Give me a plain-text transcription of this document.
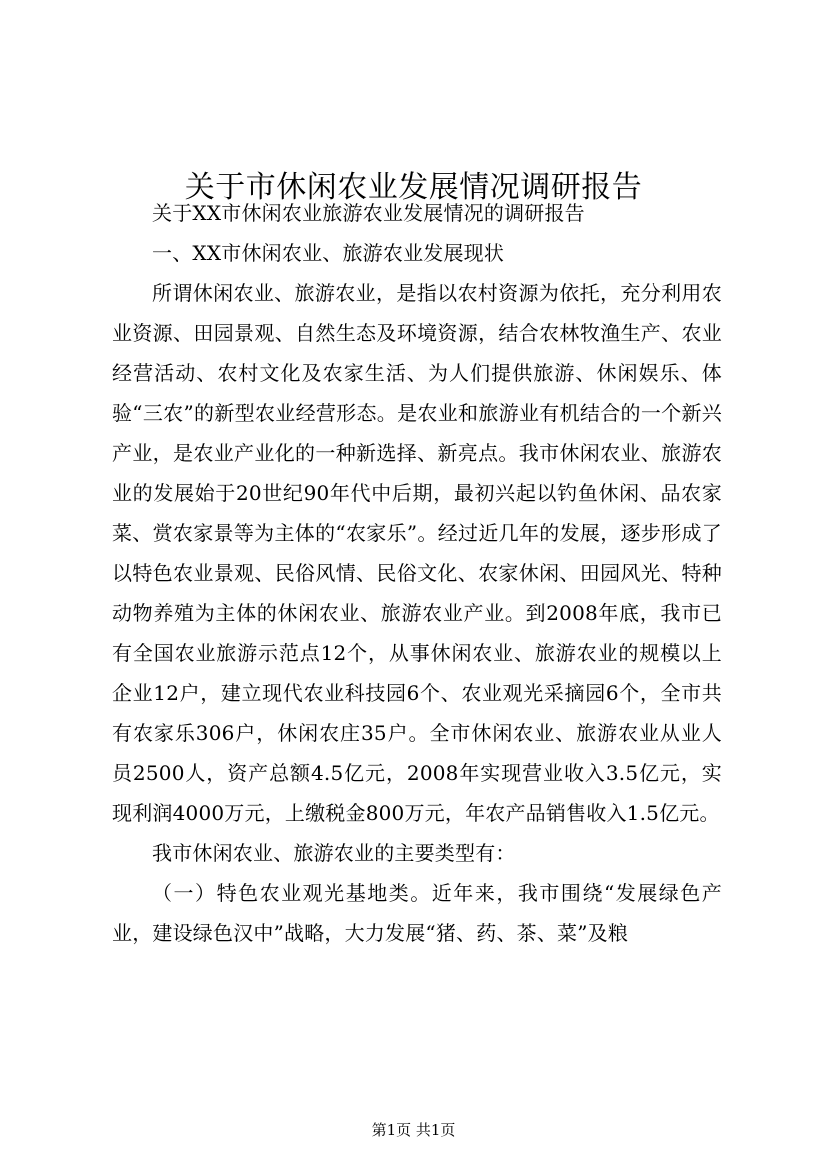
关于市休闲农业发展情况调研报告

关于XX市休闲农业旅游农业发展情况的调研报告

一、XX市休闲农业、旅游农业发展现状

所谓休闲农业、旅游农业，是指以农村资源为依托，充分利用农业资源、田园景观、自然生态及环境资源，结合农林牧渔生产、农业经营活动、农村文化及农家生活、为人们提供旅游、休闲娱乐、体验“三农”的新型农业经营形态。是农业和旅游业有机结合的一个新兴产业，是农业产业化的一种新选择、新亮点。我市休闲农业、旅游农业的发展始于20世纪90年代中后期，最初兴起以钓鱼休闲、品农家菜、赏农家景等为主体的“农家乐”。经过近几年的发展，逐步形成了以特色农业景观、民俗风情、民俗文化、农家休闲、田园风光、特种动物养殖为主体的休闲农业、旅游农业产业。到2008年底，我市已有全国农业旅游示范点12个，从事休闲农业、旅游农业的规模以上企业12户，建立现代农业科技园6个、农业观光采摘园6个，全市共有农家乐306户，休闲农庄35户。全市休闲农业、旅游农业从业人员2500人，资产总额4.5亿元，2008年实现营业收入3.5亿元，实现利润4000万元，上缴税金800万元，年农产品销售收入1.5亿元。

我市休闲农业、旅游农业的主要类型有：

（一）特色农业观光基地类。近年来，我市围绕“发展绿色产业，建设绿色汉中”战略，大力发展“猪、药、茶、菜”及粮

第1页 共1页
